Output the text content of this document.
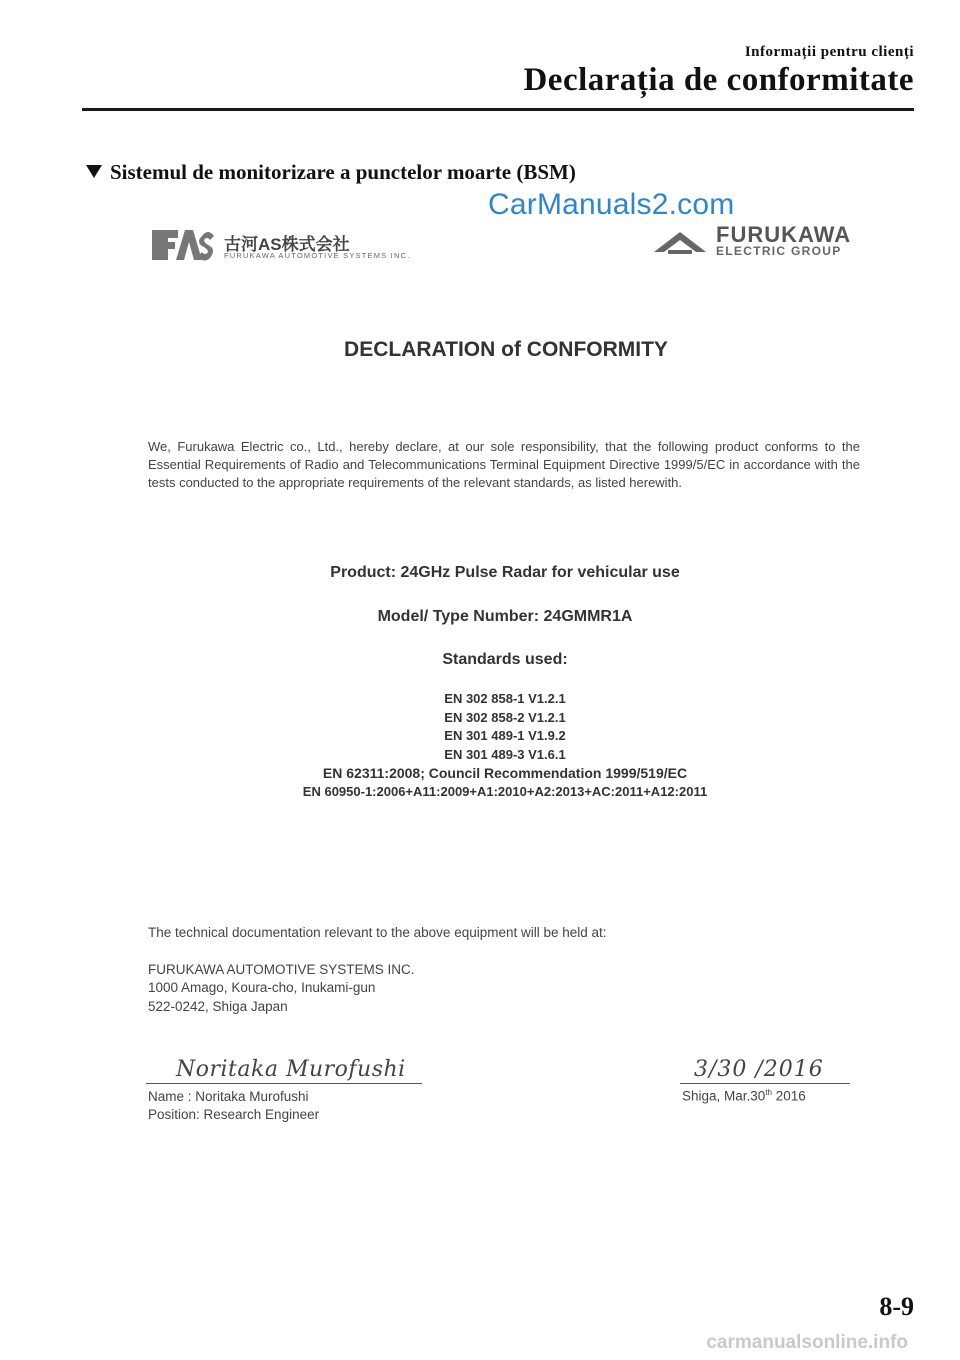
Informații pentru clienți
Declarația de conformitate
Sistemul de monitorizare a punctelor moarte (BSM)
CarManuals2.com
古河AS株式会社
FURUKAWA AUTOMOTIVE SYSTEMS INC.
FURUKAWA
ELECTRIC GROUP
DECLARATION of CONFORMITY
We, Furukawa Electric co., Ltd., hereby declare, at our sole responsibility, that the following product conforms to the Essential Requirements of Radio and Telecommunications Terminal Equipment Directive 1999/5/EC in accordance with the tests conducted to the appropriate requirements of the relevant standards, as listed herewith.
Product: 24GHz Pulse Radar for vehicular use
Model/ Type Number: 24GMMR1A
Standards used:
EN 302 858-1 V1.2.1
EN 302 858-2 V1.2.1
EN 301 489-1 V1.9.2
EN 301 489-3 V1.6.1
EN 62311:2008; Council Recommendation 1999/519/EC
EN 60950-1:2006+A11:2009+A1:2010+A2:2013+AC:2011+A12:2011
The technical documentation relevant to the above equipment will be held at:
FURUKAWA AUTOMOTIVE SYSTEMS INC.
1000 Amago, Koura-cho, Inukami-gun
522-0242, Shiga Japan
Noritaka Murofushi
Name : Noritaka Murofushi
Position: Research Engineer
3/30 /2016
Shiga, Mar.30th 2016
8-9
carmanualsonline.info
